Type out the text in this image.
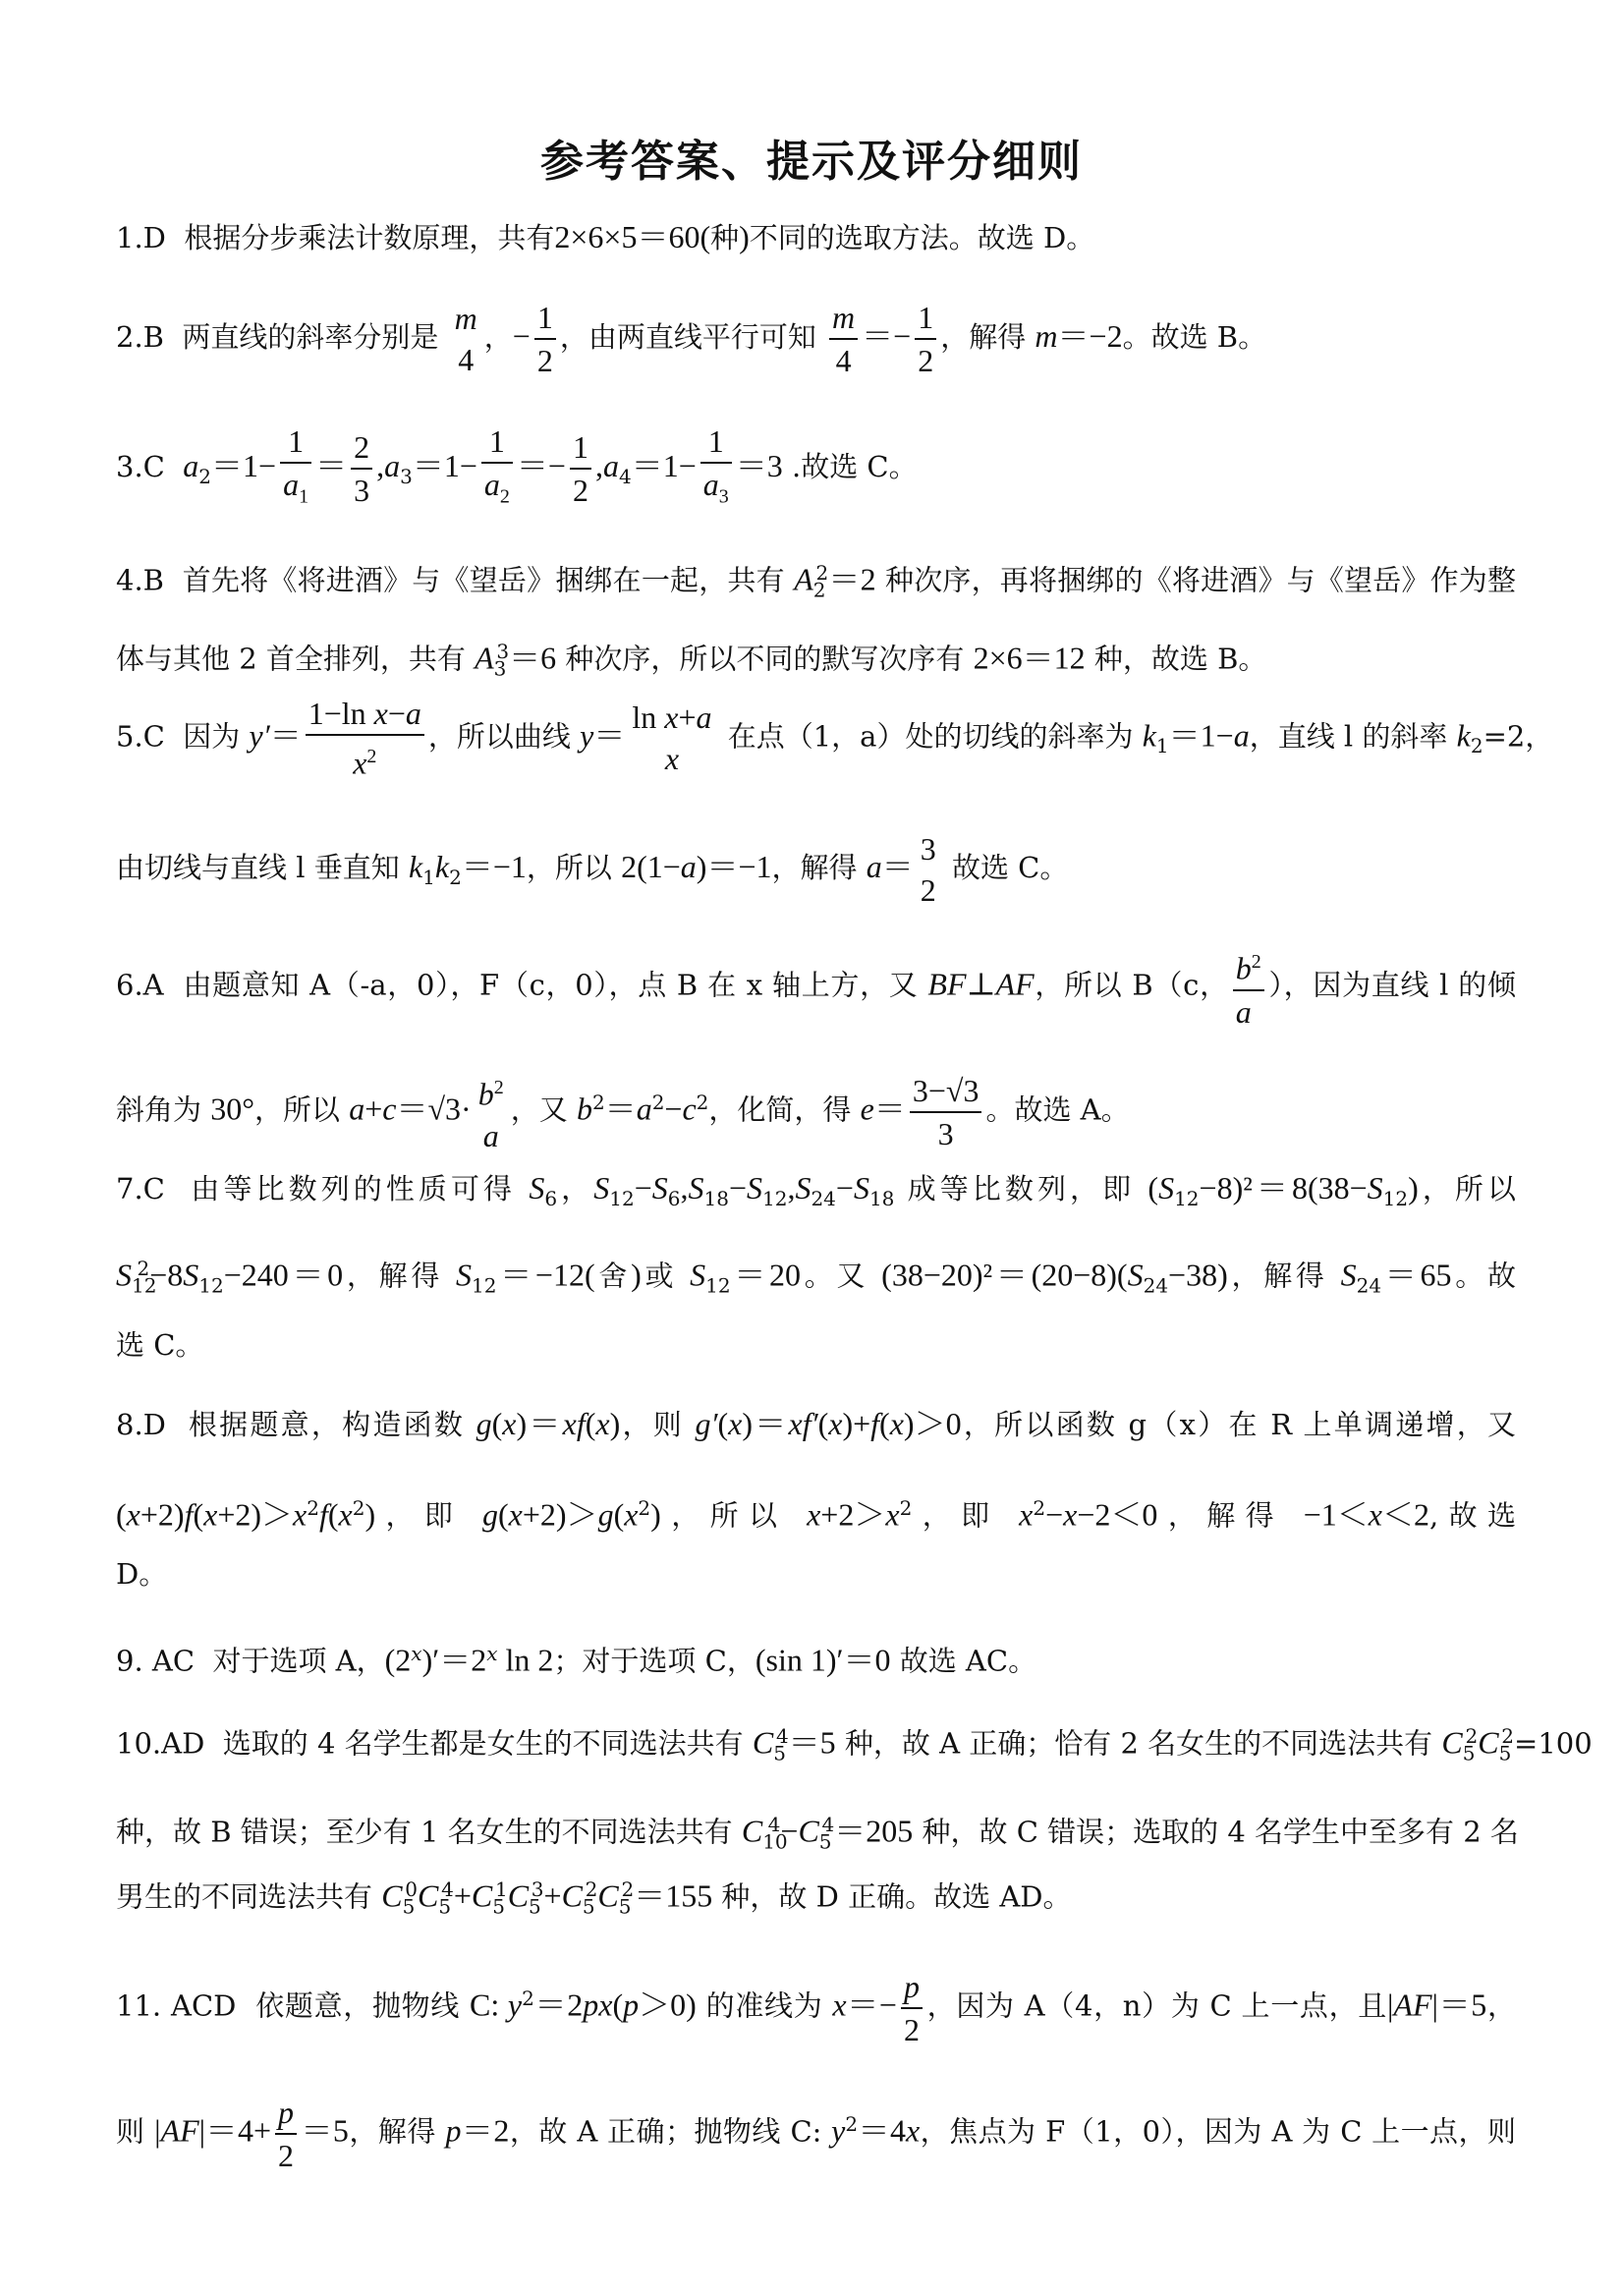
参考答案、提示及评分细则
1.D  根据分步乘法计数原理，共有2×6×5＝60(种)不同的选取方法。故选 D。
2.B  两直线的斜率分别是
m
4
，− $\frac{1}{2}$ ，由两直线平行可知 $\frac{m}{4} =- \frac{1}{2}$ ，解得 m＝−2。故选 B。
3.C  $a_2=1- \frac{1}{a_1} = \frac{2}{3} ,a_3=1- \frac{1}{a_2} =- \frac{1}{2} ,a_4=1- \frac{1}{a_3} =3$ .故选 C。
4.B  首先将《将进酒》与《望岳》捆绑在一起，共有 $A_2^2=2$ 种次序，再将捆绑的《将进酒》与《望岳》作为整
体与其他 2 首全排列，共有 $A_3^3=6$ 种次序，所以不同的默写次序有 2×6＝12 种，故选 B。
5.C  因为 $y'= \frac{\text{1−ln x−a}}{x^2}$ ，所以曲线 y＝ ln x+a
x
在点（1，a）处的切线的斜率为 $k_1=1-a$，直线 l 的斜率 $k_2=2$，
由切线与直线 l 垂直知 $k_1k_2=-1$，所以 2(1−a)＝−1，解得 a＝ 3
2
故选 C。
6.A  由题意知 A（-a，0），F（c，0），点 B 在 x 轴上方，又 BF⊥AF，所以 B（c， $\frac{b^2}{a}$ ），因为直线 l 的倾
斜角为 30°，所以 $a+c=√3\cdot b^2$
a
，又 $b^2=a^2-c^2$，化简，得 $e= \frac{3-√3}{3}$ 。故选 A。
7.C  由等比数列的性质可得 $S_6$，$S_{12}-S_6,S_{18}-S_{12},S_{24}-S_{18}$ 成等比数列，即 $(S_{12}-8)^2=8(38-S_{12})$，所以
$S_{12}^2-8S_{12}-240=0$，解得 $S_{12}=-12$(舍)或 $S_{12}=20$。又 $(38-20)^2=(20-8)(S_{24}-38)$，解得 $S_{24}=65$。故
选 C。
8.D  根据题意，构造函数 g(x)＝xf(x)，则 g′(x)＝xf′(x)+f(x)＞0，所以函数 g（x）在 R 上单调递增，又
$(x+2)f(x+2)>x^2f(x^2)$，即 $g(x+2)>g(x^2)$，所以 $x+2>x^2$，即 $x^2-x-2<0$，解得 −1＜x＜2,故选
D。
9. AC  对于选项 A，$(2^x)'=2^x$ ln 2；对于选项 C，(sin 1)′＝0 故选 AC。
10.AD  选取的 4 名学生都是女生的不同选法共有 $C_5^4=5$ 种，故 A 正确；恰有 2 名女生的不同选法共有 $C_5^2C_5^2=100$
种，故 B 错误；至少有 1 名女生的不同选法共有 $C_{10}^4-C_5^4=205$ 种，故 C 错误；选取的 4 名学生中至多有 2 名
男生的不同选法共有 $C_5^0C_5^4+C_5^1C_5^3+C_5^2C_5^2=155$ 种，故 D 正确。故选 AD。
11. ACD  依题意，抛物线 C: $y^2=2px(p>0)$ 的准线为 $x=- \frac{p}{2}$ ，因为 A（4，n）为 C 上一点，且|AF|＝5，
则 $|AF|=4+ \frac{p}{2} =5$，解得 p＝2，故 A 正确；抛物线 C: $y^2=4x$，焦点为 F（1，0），因为 A 为 C 上一点，则
